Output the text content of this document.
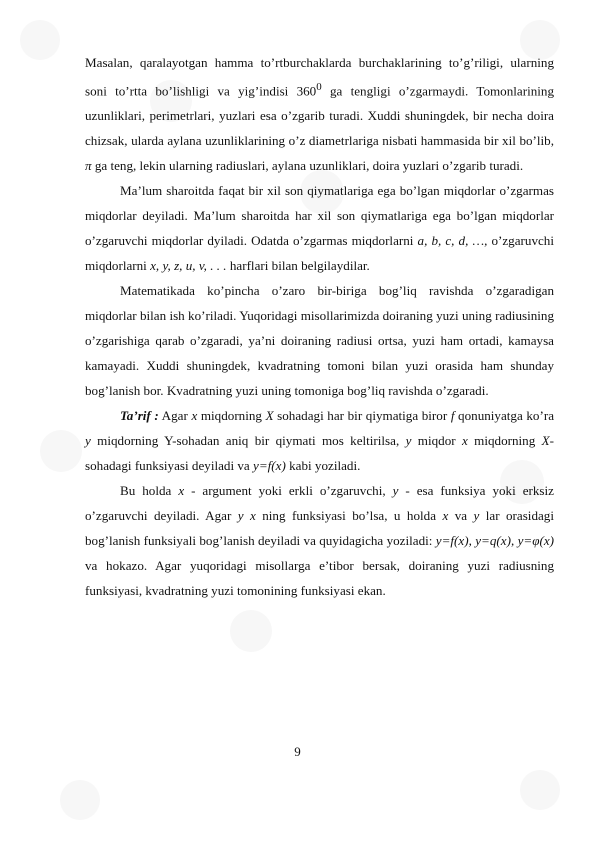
Masalan, qaralayotgan hamma to’rtburchaklarda burchaklarining to’g’riligi, ularning soni to’rtta bo’lishligi va yig’indisi $360^0$ ga tengligi o’zgarmaydi. Tomonlarining uzunliklari, perimetrlari, yuzlari esa o’zgarib turadi. Xuddi shuningdek, bir necha doira chizsak, ularda aylana uzunliklarining o’z diametrlariga nisbati hammasida bir xil bo’lib, π ga teng, lekin ularning radiuslari, aylana uzunliklari, doira yuzlari o’zgarib turadi.

Ma’lum sharoitda faqat bir xil son qiymatlariga ega bo’lgan miqdorlar o’zgarmas miqdorlar deyiladi. Ma’lum sharoitda har xil son qiymatlariga ega bo’lgan miqdorlar o’zgaruvchi miqdorlar dyiladi. Odatda o’zgarmas miqdorlarni a, b, c, d, …, o’zgaruvchi miqdorlarni x, y, z, u, v, . . . harflari bilan belgilaydilar.

Matematikada ko’pincha o’zaro bir-biriga bog’liq ravishda o’zgaradigan miqdorlar bilan ish ko’riladi. Yuqoridagi misollarimizda doiraning yuzi uning radiusining o’zgarishiga qarab o’zgaradi, ya’ni doiraning radiusi ortsa, yuzi ham ortadi, kamaysa kamayadi. Xuddi shuningdek, kvadratning tomoni bilan yuzi orasida ham shunday bog’lanish bor. Kvadratning yuzi uning tomoniga bog’liq ravishda o’zgaradi.

Ta’rif : Agar x miqdorning X sohadagi har bir qiymatiga biror f qonuniyatga ko’ra y miqdorning Y-sohadan aniq bir qiymati mos keltirilsa, y miqdor x miqdorning X-sohadagi funksiyasi deyiladi va y=f(x) kabi yoziladi.

Bu holda x - argument yoki erkli o’zgaruvchi, y - esa funksiya yoki erksiz o’zgaruvchi deyiladi. Agar y x ning funksiyasi bo’lsa, u holda x va y lar orasidagi bog’lanish funksiyali bog’lanish deyiladi va quyidagicha yoziladi: y=f(x), y=q(x), y=φ(x) va hokazo. Agar yuqoridagi misollarga e’tibor bersak, doiraning yuzi radiusning funksiyasi, kvadratning yuzi tomonining funksiyasi ekan.

9
